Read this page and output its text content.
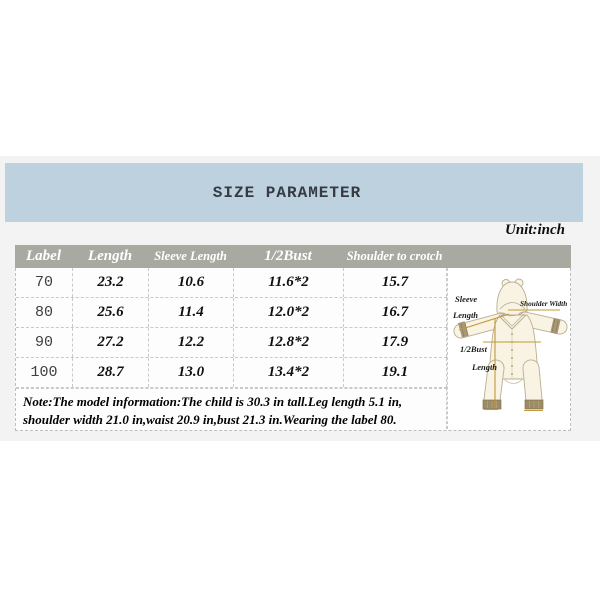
SIZE PARAMETER
Unit:inch
Label	Length	Sleeve Length	1/2Bust	Shoulder to crotch
70	23.2	10.6	11.6*2	15.7
80	25.6	11.4	12.0*2	16.7
90	27.2	12.2	12.8*2	17.9
100	28.7	13.0	13.4*2	19.1
Note:The model information:The child is 30.3 in tall.Leg length 5.1 in,
shoulder width 21.0 in,waist 20.9 in,bust 21.3 in.Wearing the label 80.
Sleeve
Length
Shoulder Width
1/2Bust
Length
